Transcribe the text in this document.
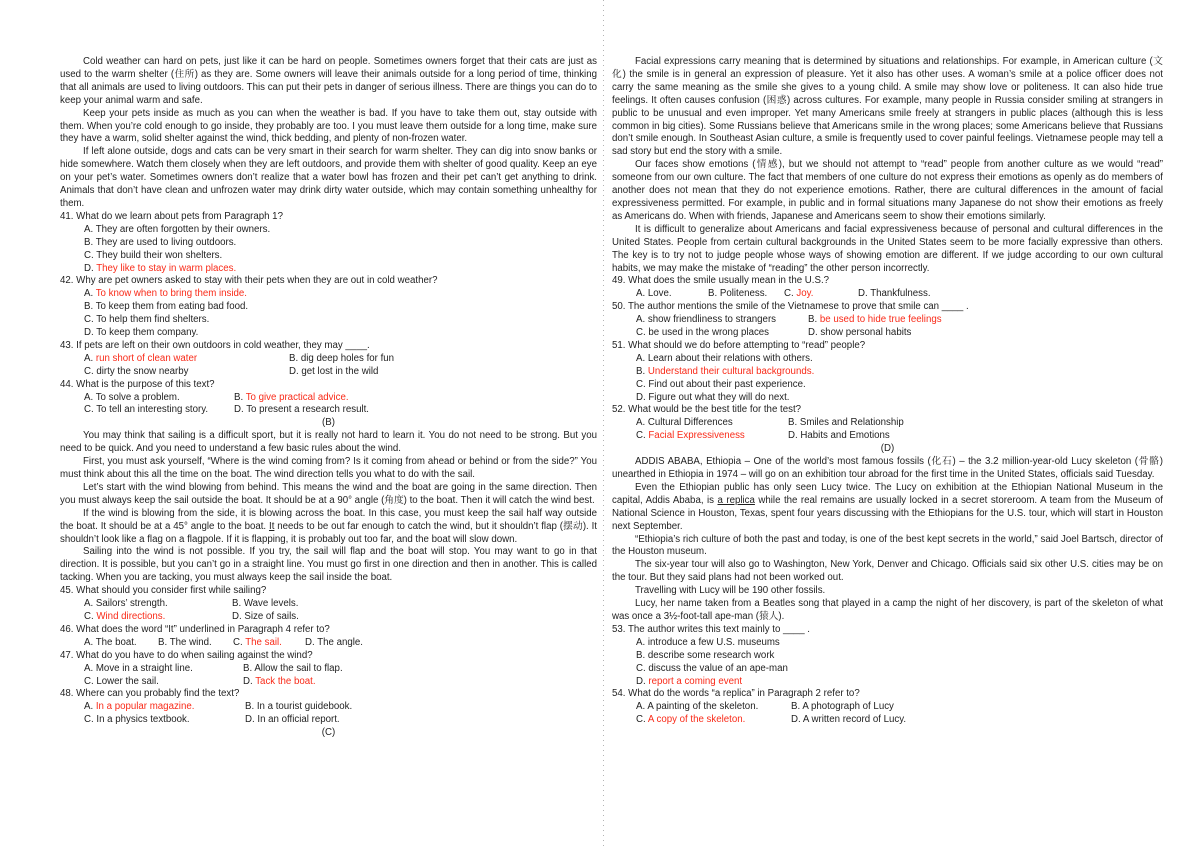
Cold weather can hard on pets, just like it can be hard on people. Sometimes owners forget that their cats are just as used to the warm shelter (住所) as they are. Some owners will leave their animals outside for a long period of time, thinking that all animals are used to living outdoors. This can put their pets in danger of serious illness. There are things you can do to keep your animal warm and safe.

Keep your pets inside as much as you can when the weather is bad. If you have to take them out, stay outside with them. When you’re cold enough to go inside, they probably are too. I you must leave them outside for a long time, make sure they have a warm, solid shelter against the wind, thick bedding, and plenty of non-frozen water.

If left alone outside, dogs and cats can be very smart in their search for warm shelter. They can dig into snow banks or hide somewhere. Watch them closely when they are left outdoors, and provide them with shelter of good quality. Keep an eye on your pet’s water. Sometimes owners don’t realize that a water bowl has frozen and their pet can’t get anything to drink. Animals that don’t have clean and unfrozen water may drink dirty water outside, which may contain something unhealthy for them.

41. What do we learn about pets from Paragraph 1?
A. They are often forgotten by their owners.
B. They are used to living outdoors.
C. They build their won shelters.
D. They like to stay in warm places.
42. Why are pet owners asked to stay with their pets when they are out in cold weather?
A. To know when to bring them inside.
B. To keep them from eating bad food.
C. To help them find shelters.
D. To keep them company.
43. If pets are left on their own outdoors in cold weather, they may ____.
A. run short of clean water	B. dig deep holes for fun
C. dirty the snow nearby	D. get lost in the wild
44. What is the purpose of this text?
A. To solve a problem.	B. To give practical advice.
C. To tell an interesting story.	D. To present a research result.
(B)

You may think that sailing is a difficult sport, but it is really not hard to learn it. You do not need to be strong. But you need to be quick. And you need to understand a few basic rules about the wind.

First, you must ask yourself, “Where is the wind coming from? Is it coming from ahead or behind or from the side?” You must think about this all the time on the boat. The wind direction tells you what to do with the sail.

Let’s start with the wind blowing from behind. This means the wind and the boat are going in the same direction. Then you must always keep the sail outside the boat. It should be at a 90° angle (角度) to the boat. Then it will catch the wind best.

If the wind is blowing from the side, it is blowing across the boat. In this case, you must keep the sail half way outside the boat. It should be at a 45° angle to the boat. It needs to be out far enough to catch the wind, but it shouldn’t flap (摆动). It shouldn’t look like a flag on a flagpole. If it is flapping, it is probably out too far, and the boat will slow down.

Sailing into the wind is not possible. If you try, the sail will flap and the boat will stop. You may want to go in that direction. It is possible, but you can’t go in a straight line. You must go first in one direction and then in another. This is called tacking. When you are tacking, you must always keep the sail inside the boat.

45. What should you consider first while sailing?
A. Sailors’ strength.	B. Wave levels.
C. Wind directions.	D. Size of sails.
46. What does the word “It” underlined in Paragraph 4 refer to?
A. The boat. B. The wind. C. The sail. D. The angle.
47. What do you have to do when sailing against the wind?
A. Move in a straight line.	B. Allow the sail to flap.
C. Lower the sail.	D. Tack the boat.
48. Where can you probably find the text?
A. In a popular magazine.	B. In a tourist guidebook.
C. In a physics textbook.	D. In an official report.
(C)

Facial expressions carry meaning that is determined by situations and relationships. For example, in American culture (文化) the smile is in general an expression of pleasure. Yet it also has other uses. A woman’s smile at a police officer does not carry the same meaning as the smile she gives to a young child. A smile may show love or politeness. It can also hide true feelings. It often causes confusion (困惑) across cultures. For example, many people in Russia consider smiling at strangers in public to be unusual and even improper. Yet many Americans smile freely at strangers in public places (although this is less common in big cities). Some Russians believe that Americans smile in the wrong places; some Americans believe that Russians don’t smile enough. In Southeast Asian culture, a smile is frequently used to cover painful feelings. Vietnamese people may tell a sad story but end the story with a smile.

Our faces show emotions (情感), but we should not attempt to “read” people from another culture as we would “read” someone from our own culture. The fact that members of one culture do not express their emotions as openly as do members of another does not mean that they do not experience emotions. Rather, there are cultural differences in the amount of facial expressiveness permitted. For example, in public and in formal situations many Japanese do not show their emotions as freely as Americans do. When with friends, Japanese and Americans seem to show their emotions similarly.

It is difficult to generalize about Americans and facial expressiveness because of personal and cultural differences in the United States. People from certain cultural backgrounds in the United States seem to be more facially expressive than others. The key is to try not to judge people whose ways of showing emotion are different. If we judge according to our own cultural habits, we may make the mistake of “reading” the other person incorrectly.

49. What does the smile usually mean in the U.S.?
A. Love.	B. Politeness. C. Joy.	D. Thankfulness.
50. The author mentions the smile of the Vietnamese to prove that smile can ____ .
A. show friendliness to strangers	B. be used to hide true feelings
C. be used in the wrong places	D. show personal habits
51. What should we do before attempting to “read” people?
A. Learn about their relations with others.
B. Understand their cultural backgrounds.
C. Find out about their past experience.
D. Figure out what they will do next.
52. What would be the best title for the test?
A. Cultural Differences	B. Smiles and Relationship
C. Facial Expressiveness	D. Habits and Emotions
(D)

ADDIS ABABA, Ethiopia – One of the world’s most famous fossils (化石) – the 3.2 million-year-old Lucy skeleton (骨骼) unearthed in Ethiopia in 1974 – will go on an exhibition tour abroad for the first time in the United States, officials said Tuesday.

Even the Ethiopian public has only seen Lucy twice. The Lucy on exhibition at the Ethiopian National Museum in the capital, Addis Ababa, is a replica while the real remains are usually locked in a secret storeroom. A team from the Museum of National Science in Houston, Texas, spent four years discussing with the Ethiopians for the U.S. tour, which will start in Houston next September.

“Ethiopia’s rich culture of both the past and today, is one of the best kept secrets in the world,” said Joel Bartsch, director of the Houston museum.

The six-year tour will also go to Washington, New York, Denver and Chicago. Officials said six other U.S. cities may be on the tour. But they said plans had not been worked out.

Travelling with Lucy will be 190 other fossils.

Lucy, her name taken from a Beatles song that played in a camp the night of her discovery, is part of the skeleton of what was once a 3½-foot-tall ape-man (猿人).

53. The author writes this text mainly to ____ .
A. introduce a few U.S. museums
B. describe some research work
C. discuss the value of an ape-man
D. report a coming event
54. What do the words “a replica” in Paragraph 2 refer to?
A. A painting of the skeleton.	B. A photograph of Lucy
C. A copy of the skeleton.	D. A written record of Lucy.
